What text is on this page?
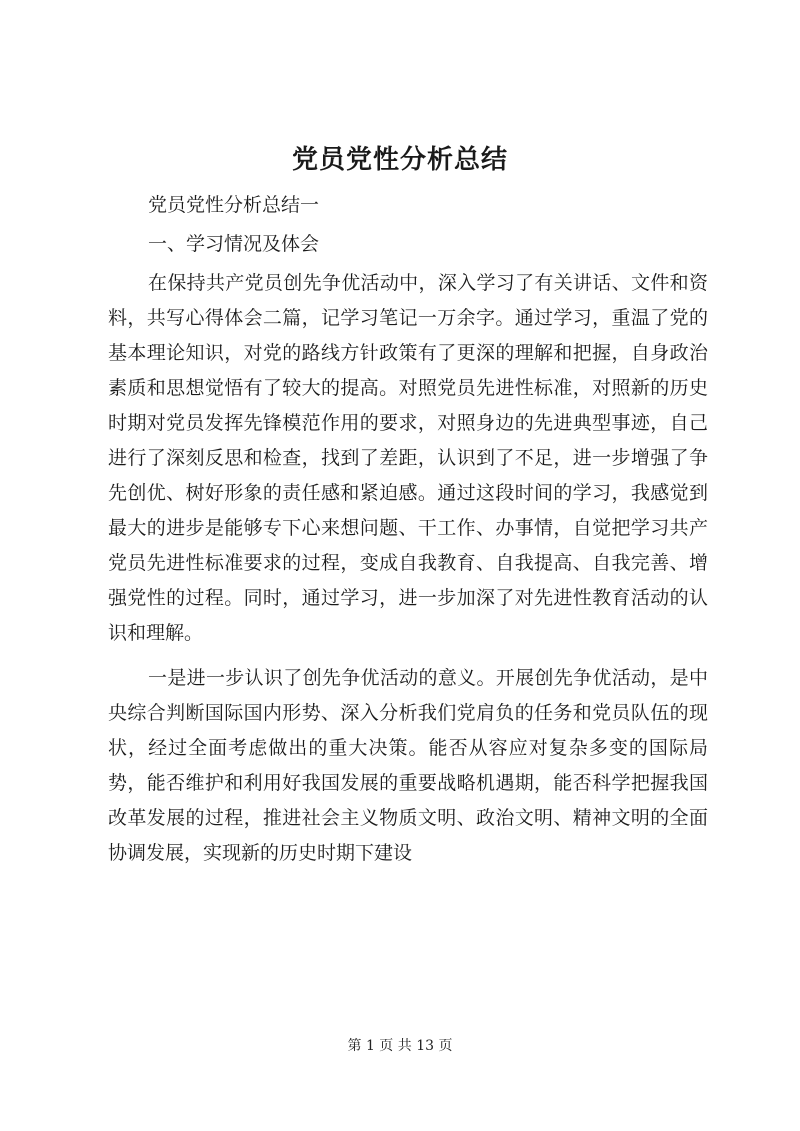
党员党性分析总结

党员党性分析总结一

一、学习情况及体会

在保持共产党员创先争优活动中，深入学习了有关讲话、文件和资料，共写心得体会二篇，记学习笔记一万余字。通过学习，重温了党的基本理论知识，对党的路线方针政策有了更深的理解和把握，自身政治素质和思想觉悟有了较大的提高。对照党员先进性标准，对照新的历史时期对党员发挥先锋模范作用的要求，对照身边的先进典型事迹，自己进行了深刻反思和检查，找到了差距，认识到了不足，进一步增强了争先创优、树好形象的责任感和紧迫感。通过这段时间的学习，我感觉到最大的进步是能够专下心来想问题、干工作、办事情，自觉把学习共产党员先进性标准要求的过程，变成自我教育、自我提高、自我完善、增强党性的过程。同时，通过学习，进一步加深了对先进性教育活动的认识和理解。

一是进一步认识了创先争优活动的意义。开展创先争优活动，是中央综合判断国际国内形势、深入分析我们党肩负的任务和党员队伍的现状，经过全面考虑做出的重大决策。能否从容应对复杂多变的国际局势，能否维护和利用好我国发展的重要战略机遇期，能否科学把握我国改革发展的过程，推进社会主义物质文明、政治文明、精神文明的全面协调发展，实现新的历史时期下建设

第 1 页 共 13 页
